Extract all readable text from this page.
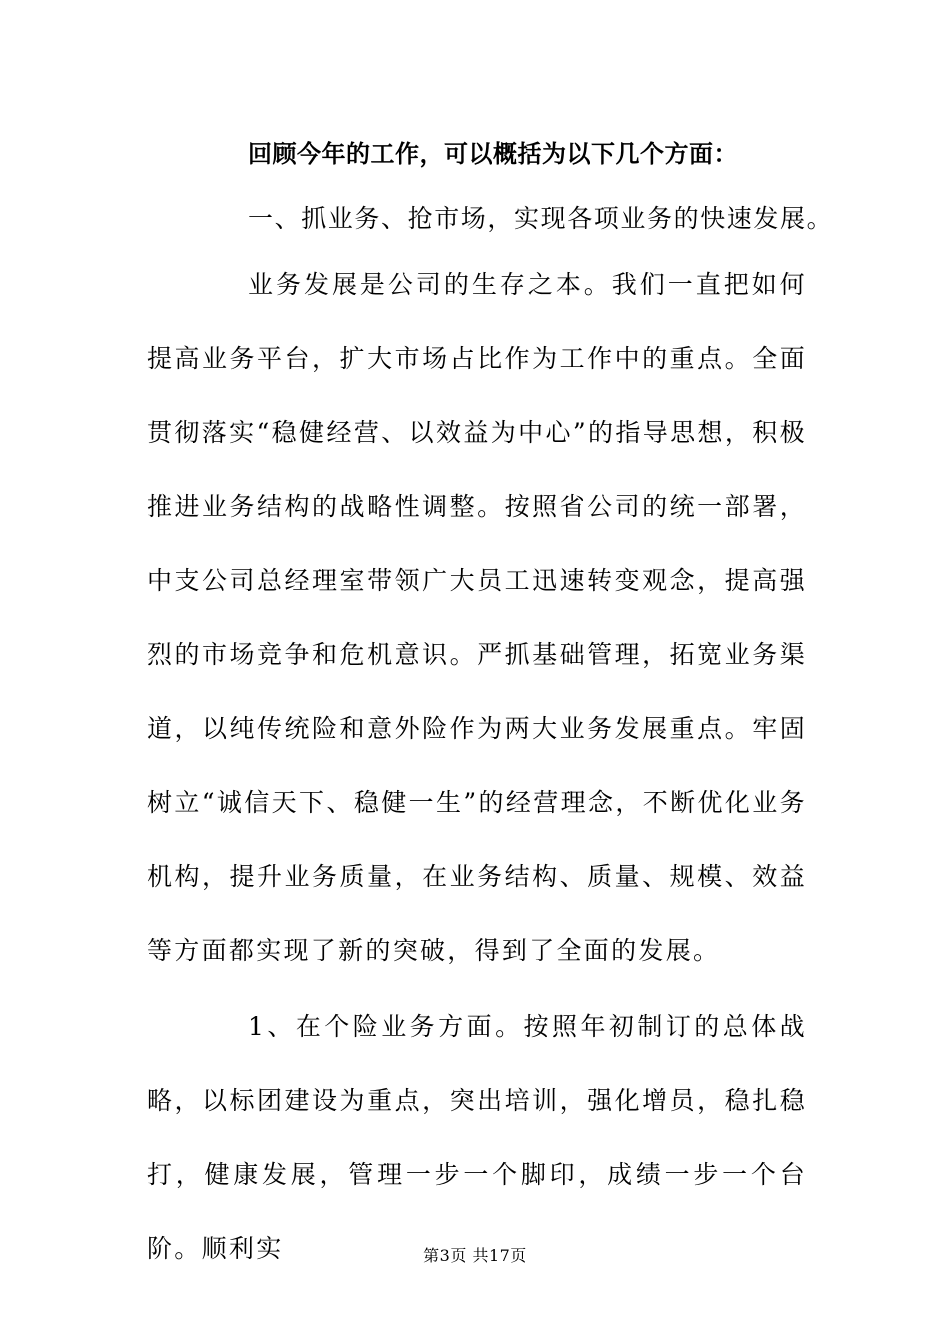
回顾今年的工作，可以概括为以下几个方面：

一、抓业务、抢市场，实现各项业务的快速发展。

业务发展是公司的生存之本。我们一直把如何提高业务平台，扩大市场占比作为工作中的重点。全面贯彻落实“稳健经营、以效益为中心”的指导思想，积极推进业务结构的战略性调整。按照省公司的统一部署，中支公司总经理室带领广大员工迅速转变观念，提高强烈的市场竞争和危机意识。严抓基础管理，拓宽业务渠道，以纯传统险和意外险作为两大业务发展重点。牢固树立“诚信天下、稳健一生”的经营理念，不断优化业务机构，提升业务质量，在业务结构、质量、规模、效益等方面都实现了新的突破，得到了全面的发展。

1、在个险业务方面。按照年初制订的总体战略，以标团建设为重点，突出培训，强化增员，稳扎稳打，健康发展，管理一步一个脚印，成绩一步一个台阶。顺利实	第3页 共17页
